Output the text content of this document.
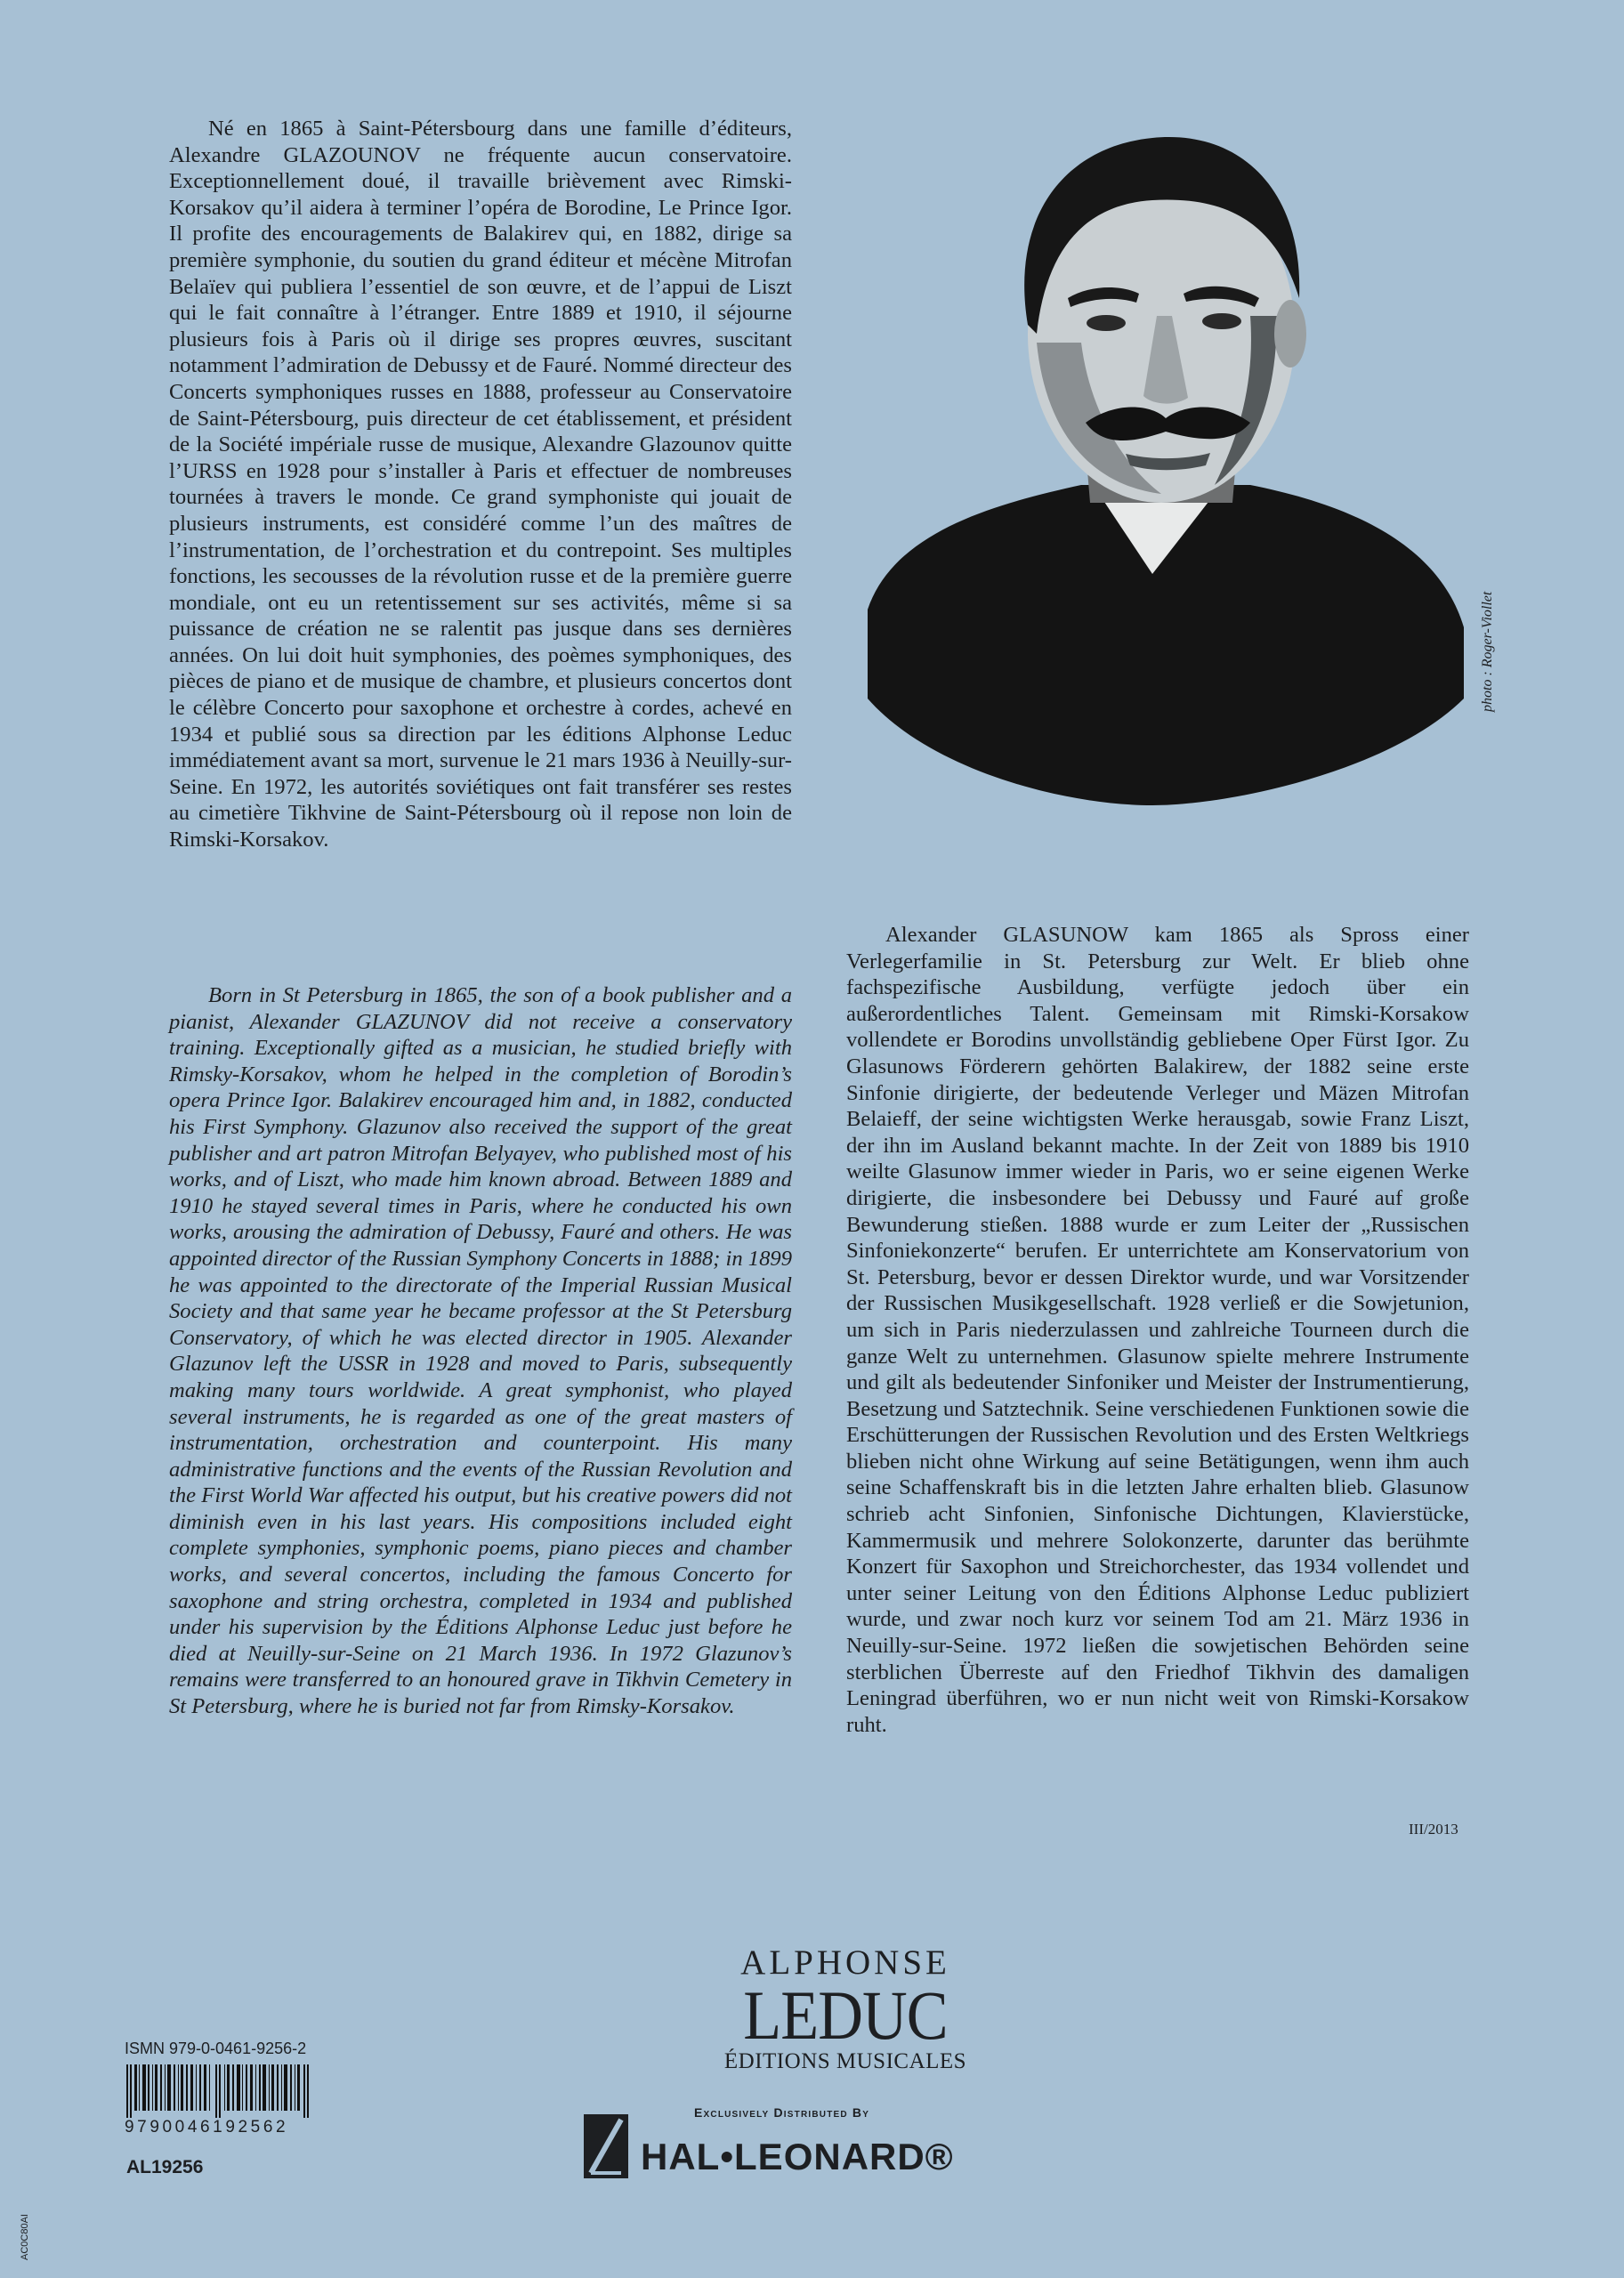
Né en 1865 à Saint-Pétersbourg dans une famille d’éditeurs, Alexandre GLAZOUNOV ne fréquente aucun conservatoire. Exceptionnellement doué, il travaille brièvement avec Rimski-Korsakov qu’il aidera à terminer l’opéra de Borodine, Le Prince Igor. Il profite des encouragements de Balakirev qui, en 1882, dirige sa première symphonie, du soutien du grand éditeur et mécène Mitrofan Belaïev qui publiera l’essentiel de son œuvre, et de l’appui de Liszt qui le fait connaître à l’étranger. Entre 1889 et 1910, il séjourne plusieurs fois à Paris où il dirige ses propres œuvres, suscitant notamment l’admiration de Debussy et de Fauré. Nommé directeur des Concerts symphoniques russes en 1888, professeur au Conservatoire de Saint-Pétersbourg, puis directeur de cet établissement, et président de la Société impériale russe de musique, Alexandre Glazounov quitte l’URSS en 1928 pour s’installer à Paris et effectuer de nombreuses tournées à travers le monde. Ce grand symphoniste qui jouait de plusieurs instruments, est considéré comme l’un des maîtres de l’instrumentation, de l’orchestration et du contrepoint. Ses multiples fonctions, les secousses de la révolution russe et de la première guerre mondiale, ont eu un retentissement sur ses activités, même si sa puissance de création ne se ralentit pas jusque dans ses dernières années. On lui doit huit symphonies, des poèmes symphoniques, des pièces de piano et de musique de chambre, et plusieurs concertos dont le célèbre Concerto pour saxophone et orchestre à cordes, achevé en 1934 et publié sous sa direction par les éditions Alphonse Leduc immédiatement avant sa mort, survenue le 21 mars 1936 à Neuilly-sur-Seine. En 1972, les autorités soviétiques ont fait transférer ses restes au cimetière Tikhvine de Saint-Pétersbourg où il repose non loin de Rimski-Korsakov.

Born in St Petersburg in 1865, the son of a book publisher and a pianist, Alexander GLAZUNOV did not receive a conservatory training. Exceptionally gifted as a musician, he studied briefly with Rimsky-Korsakov, whom he helped in the completion of Borodin’s opera Prince Igor. Balakirev encouraged him and, in 1882, conducted his First Symphony. Glazunov also received the support of the great publisher and art patron Mitrofan Belyayev, who published most of his works, and of Liszt, who made him known abroad. Between 1889 and 1910 he stayed several times in Paris, where he conducted his own works, arousing the admiration of Debussy, Fauré and others. He was appointed director of the Russian Symphony Concerts in 1888; in 1899 he was appointed to the directorate of the Imperial Russian Musical Society and that same year he became professor at the St Petersburg Conservatory, of which he was elected director in 1905. Alexander Glazunov left the USSR in 1928 and moved to Paris, subsequently making many tours worldwide. A great symphonist, who played several instruments, he is regarded as one of the great masters of instrumentation, orchestration and counterpoint. His many administrative functions and the events of the Russian Revolution and the First World War affected his output, but his creative powers did not diminish even in his last years. His compositions included eight complete symphonies, symphonic poems, piano pieces and chamber works, and several concertos, including the famous Concerto for saxophone and string orchestra, completed in 1934 and published under his supervision by the Éditions Alphonse Leduc just before he died at Neuilly-sur-Seine on 21 March 1936. In 1972 Glazunov’s remains were transferred to an honoured grave in Tikhvin Cemetery in St Petersburg, where he is buried not far from Rimsky-Korsakov.

Alexander GLASUNOW kam 1865 als Spross einer Verlegerfamilie in St. Petersburg zur Welt. Er blieb ohne fachspezifische Ausbildung, verfügte jedoch über ein außerordentliches Talent. Gemeinsam mit Rimski-Korsakow vollendete er Borodins unvollständig gebliebene Oper Fürst Igor. Zu Glasunows Förderern gehörten Balakirew, der 1882 seine erste Sinfonie dirigierte, der bedeutende Verleger und Mäzen Mitrofan Belaieff, der seine wichtigsten Werke herausgab, sowie Franz Liszt, der ihn im Ausland bekannt machte. In der Zeit von 1889 bis 1910 weilte Glasunow immer wieder in Paris, wo er seine eigenen Werke dirigierte, die insbesondere bei Debussy und Fauré auf große Bewunderung stießen. 1888 wurde er zum Leiter der „Russischen Sinfoniekonzerte“ berufen. Er unterrichtete am Konservatorium von St. Petersburg, bevor er dessen Direktor wurde, und war Vorsitzender der Russischen Musikgesellschaft. 1928 verließ er die Sowjetunion, um sich in Paris niederzulassen und zahlreiche Tourneen durch die ganze Welt zu unternehmen. Glasunow spielte mehrere Instrumente und gilt als bedeutender Sinfoniker und Meister der Instrumentierung, Besetzung und Satztechnik. Seine verschiedenen Funktionen sowie die Erschütterungen der Russischen Revolution und des Ersten Weltkriegs blieben nicht ohne Wirkung auf seine Betätigungen, wenn ihm auch seine Schaffenskraft bis in die letzten Jahre erhalten blieb. Glasunow schrieb acht Sinfonien, Sinfonische Dichtungen, Klavierstücke, Kammermusik und mehrere Solokonzerte, darunter das berühmte Konzert für Saxophon und Streichorchester, das 1934 vollendet und unter seiner Leitung von den Éditions Alphonse Leduc publiziert wurde, und zwar noch kurz vor seinem Tod am 21. März 1936 in Neuilly-sur-Seine. 1972 ließen die sowjetischen Behörden seine sterblichen Überreste auf den Friedhof Tikhvin des damaligen Leningrad überführen, wo er nun nicht weit von Rimski-Korsakow ruht.

photo : Roger-Viollet
III/2013
ALPHONSE
LEDUC
ÉDITIONS MUSICALES
ISMN 979-0-0461-9256-2
9790046192562
AL19256
Exclusively Distributed By
HAL•LEONARD®
AC0C80AI
